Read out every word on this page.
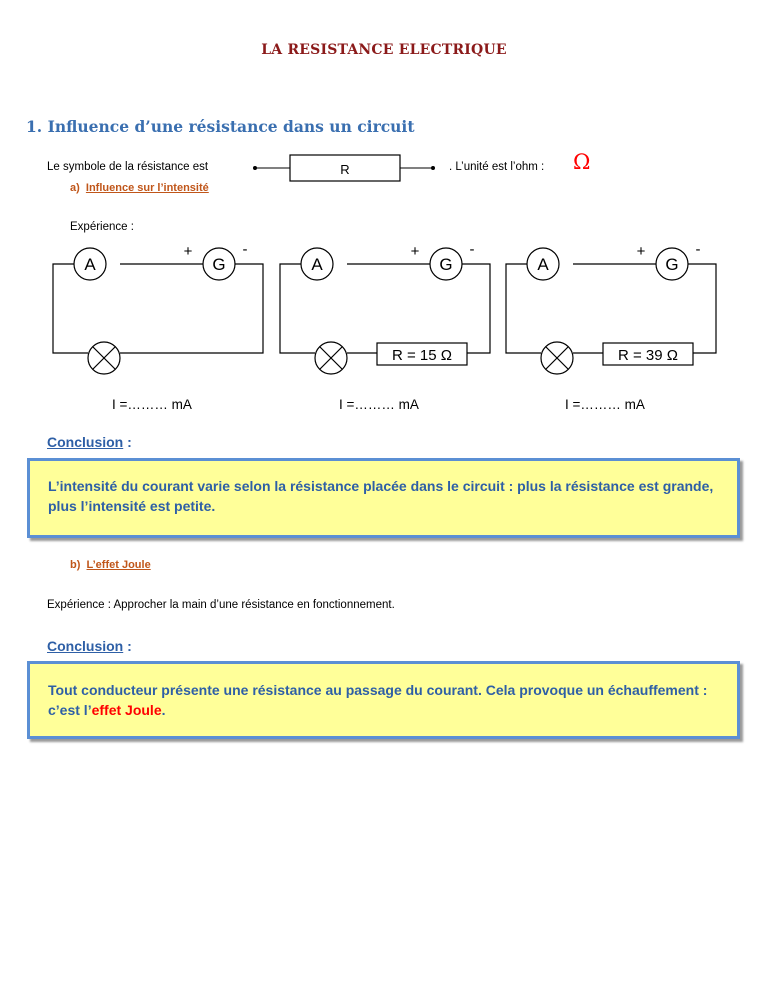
LA RESISTANCE ELECTRIQUE
1. Influence d’une résistance dans un circuit
Le symbole de la résistance est	R	. L’unité est l’ohm : Ω
a) Influence sur l’intensité
Expérience :
A	G
+	-
I =……… mA
A	G
+	-
R = 15 Ω
I =……… mA
A	G
+	-
R = 39 Ω
I =……… mA
Conclusion :
L’intensité du courant varie selon la résistance placée dans le circuit : plus la résistance est grande, plus l’intensité est petite.
b) L’effet Joule
Expérience : Approcher la main d’une résistance en fonctionnement.
Conclusion :
Tout conducteur présente une résistance au passage du courant. Cela provoque un échauffement : c’est l’effet Joule.
